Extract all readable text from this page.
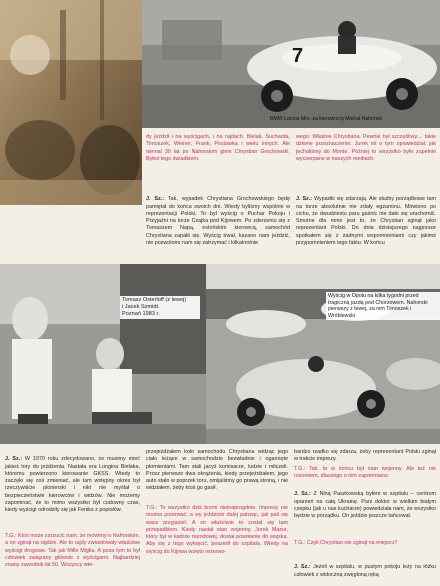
7
BMW Lancia Mrs. za kierownicą Michał Nahorski
dy jeździł i na wyścigach, i na rajdach. Bielak, Sucharda, Timoszek, Weiner, Frank, Postawka i wielu innych. Ale niemal 30 lat po Nahorskim ginie Chrystian Grochowski. Byłeś tego świadkiem.

J. Sz.: Tak, wypadek Chrystiana Grochowskiego będę pamiętał do końca swoich dni. Wtedy byliśmy wspólnie w reprezentacji Polski. To był wyścig o Puchar Pokoju i Przyjaźni na torze Czajka pod Kijowem. Po zderzeniu się z Tomaszem Napą, estońskim kierowcą, samochód Chrystiana zapalił się. Wyścig trwał, kazano nam jeździć, nie pozwolono nam się zatrzymać i kilkakrotnie

wego. Właśnie Chrystiana. Pewnie był szczęśliwy… takie dziwne przeznaczenie. Jurek mi o tym opowiedział, jak jechaliśmy do Monte. Później to wszystko było zupełnie wyczerpane w naszych mediach.

J. Sz.: Wypadki się zdarzają. Ale służby porządkowe tam na torze absolutnie nie zdały egzaminu. Mówiono po cichu, że dwudziestu paru gaśnic nie dało się uruchomić. Smutne dla mnie jest to, że Chrystian zginął jako reprezentant Polski. Do dnia dzisiejszego najgorsze spotkałem się z żadnymi wspomnieniami czy jakimś przypomnieniem tego faktu. W końcu

Tomasz Osterloff (z lewej)
i Jacek Szmidt.
Poznań 1983 r.
Wyścig w Opolu na kilka tygodni przed tragiczną jazdą pod Chorzowem. Nahorski pierwszy z lewej, za nim Timoszek i Wróblewski

J. Sz.: W 1970 roku zdecydowano, że musimy mieć jakieś tory do jeżdżenia. Nastała era Longina Bielaka, któremu powierzono kierowanie GKSS. Wtedy to zaczęło się coś zmieniać, ale tam wstępny okres był rzeczywiście pionierski i nikt nie myślał o bezpieczeństwie kierowców i widzów. Nie możemy zapominać, że to mimo wszystko był cudowny czas, kiedy wyścigi odrodziły się jak Feniks z popiołów.

T.G.: Ktoś może zarzucić nam, że mówimy o Nahorskim, a on zginął na rajdzie. Ale to rajdy zwiastowały właściwe wyścigi drogowe. Tak jak Mille Miglia. A poza tym to był człowiek związany głównie z wyścigami. Najbardziej znany zawodnik lat 50. Wszyscy wte-
przejeżdżałem koło samochodu Chrystiana widząc jego ciało leżące w samochodzie bezwładnie i ogarnięte płomieniami. Tam stali jacyś komisarze, ludzie i milczeli. Przez pierwsze dwa okrążenia, kiedy przejeżdżałem, jego auto stało w poprzek toru, omijaliśmy go prawą stroną, i nie widziałem, żeby ktoś go gasił.
T.G.: To wszystko dziś brzmi nieinaprogdnie. Imprezy nie można przerwać, a wy jeździcie dalej patrząc, jak pali się wasz przyjaciel. A on właściwie to został się tam przepadkiem. Kiedy nastał stan wojenny, Jurek Mazur, który był w kadrze narodowej, dostał powołanie do wojska. Aby się z tego wykręcić, poszedł do szpitala. Wtedy na wyścig do Kijowa wzięto rezerwo-
bardzo rzadko się zdarza, żeby reprezentant Polski zginął w trakcie imprezy.
T.G.: Tak, to w końcu był stan wojenny. Ale też nie rozumiem, dlaczego o nim zapomniano.

J. Sz.: Z Niną Paszkowską byłem w szpitalu – centrum oparzeń na całą Ukrainę. Pani doktor w wielkim białym czepku (jak u nas kucharze) powiedziała nam, że wszystko będzie w porządku. On jeździe jeszcze tańcował.

T.G.: Czyli Chrystian nie zginął na miejscu?

J. Sz.: Jeżeli w szpitalu, w pustym pokoju leży na łóżku człowiek z widoczną zwęgloną ręką
